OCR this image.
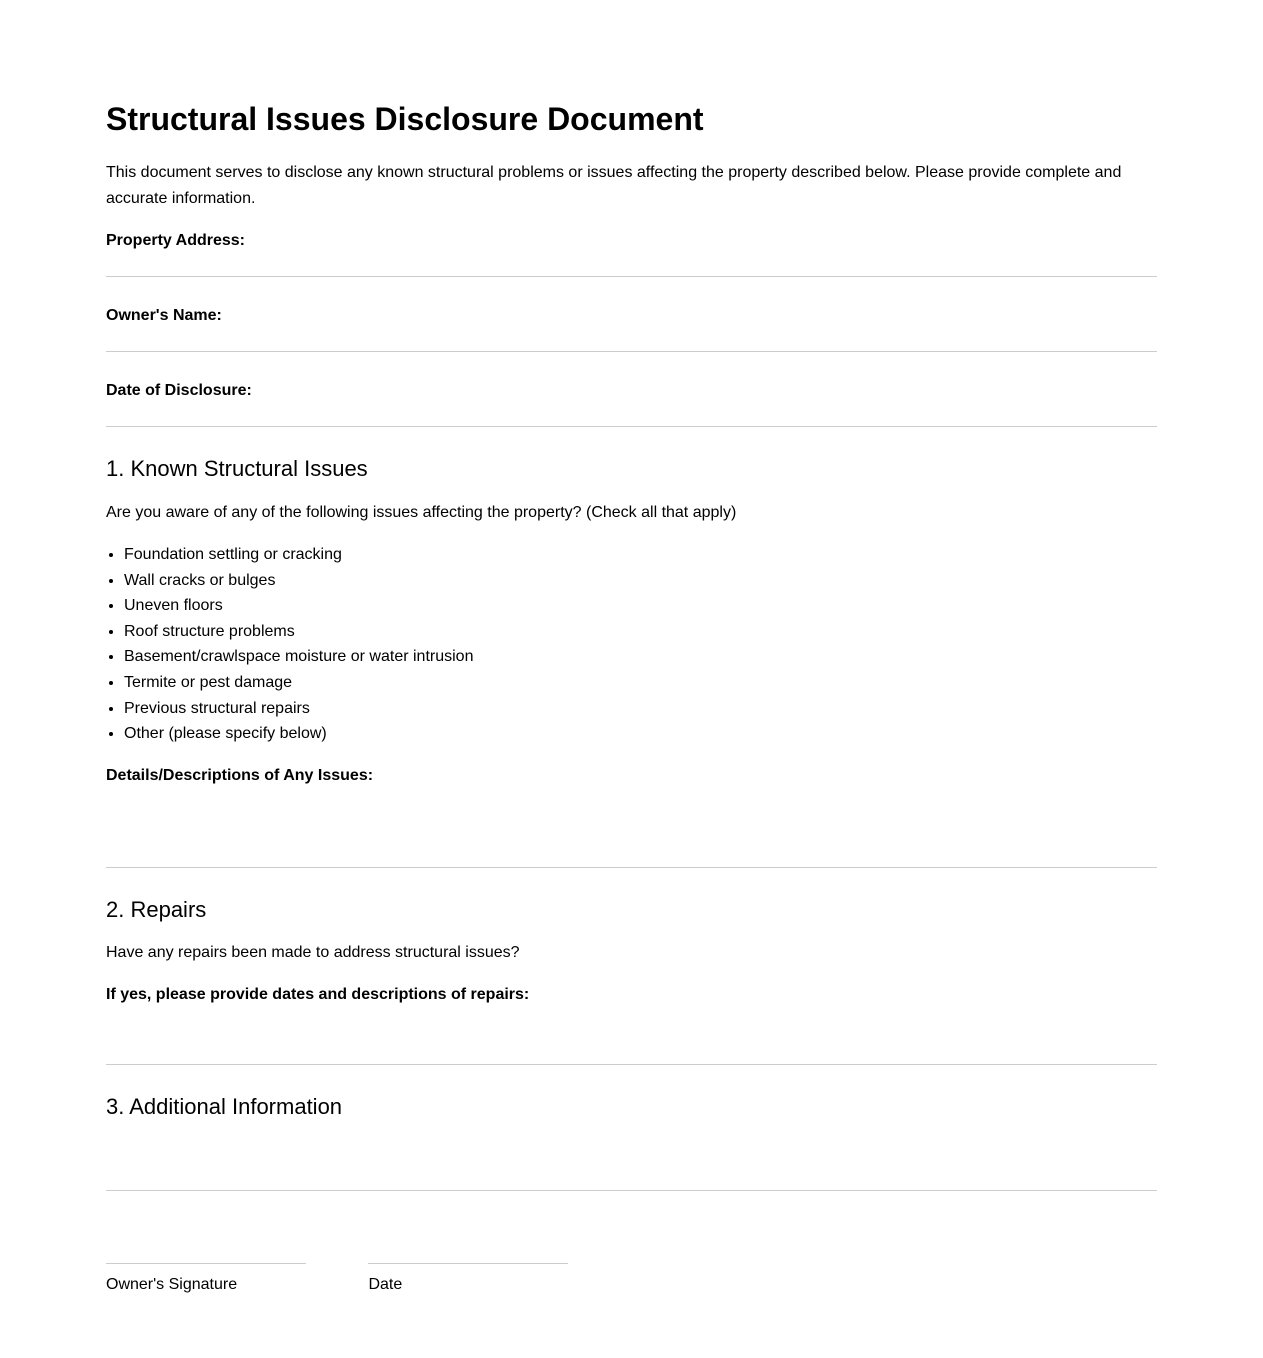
Structural Issues Disclosure Document

This document serves to disclose any known structural problems or issues affecting the property described below. Please provide complete and accurate information.

Property Address:

Owner's Name:

Date of Disclosure:

1. Known Structural Issues

Are you aware of any of the following issues affecting the property? (Check all that apply)

• Foundation settling or cracking
• Wall cracks or bulges
• Uneven floors
• Roof structure problems
• Basement/crawlspace moisture or water intrusion
• Termite or pest damage
• Previous structural repairs
• Other (please specify below)

Details/Descriptions of Any Issues:

2. Repairs

Have any repairs been made to address structural issues?

If yes, please provide dates and descriptions of repairs:

3. Additional Information
Owner's Signature	Date
